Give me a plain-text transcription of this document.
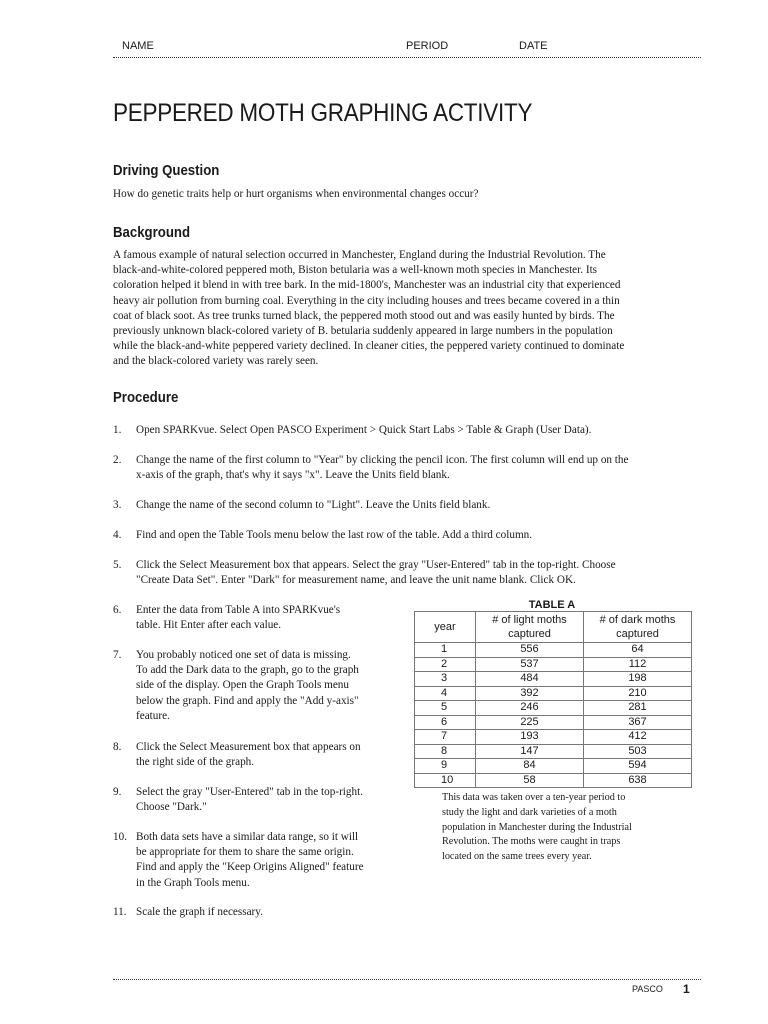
NAME	PERIOD	DATE
PEPPERED MOTH GRAPHING ACTIVITY
Driving Question
How do genetic traits help or hurt organisms when environmental changes occur?
Background
A famous example of natural selection occurred in Manchester, England during the Industrial Revolution. The
black-and-white-colored peppered moth, Biston betularia was a well-known moth species in Manchester. Its
coloration helped it blend in with tree bark. In the mid-1800's, Manchester was an industrial city that experienced
heavy air pollution from burning coal. Everything in the city including houses and trees became covered in a thin
coat of black soot. As tree trunks turned black, the peppered moth stood out and was easily hunted by birds. The
previously unknown black-colored variety of B. betularia suddenly appeared in large numbers in the population
while the black-and-white peppered variety declined. In cleaner cities, the peppered variety continued to dominate
and the black-colored variety was rarely seen.
Procedure
1. Open SPARKvue. Select Open PASCO Experiment > Quick Start Labs > Table & Graph (User Data).
2. Change the name of the first column to "Year" by clicking the pencil icon. The first column will end up on the
x-axis of the graph, that's why it says "x". Leave the Units field blank.
3. Change the name of the second column to "Light". Leave the Units field blank.
4. Find and open the Table Tools menu below the last row of the table. Add a third column.
5. Click the Select Measurement box that appears. Select the gray "User-Entered" tab in the top-right. Choose
"Create Data Set". Enter "Dark" for measurement name, and leave the unit name blank. Click OK.
6. Enter the data from Table A into SPARKvue's
table. Hit Enter after each value.
7. You probably noticed one set of data is missing.
To add the Dark data to the graph, go to the graph
side of the display. Open the Graph Tools menu
below the graph. Find and apply the "Add y-axis"
feature.
8. Click the Select Measurement box that appears on
the right side of the graph.
9. Select the gray "User-Entered" tab in the top-right.
Choose "Dark."
10. Both data sets have a similar data range, so it will
be appropriate for them to share the same origin.
Find and apply the "Keep Origins Aligned" feature
in the Graph Tools menu.
11. Scale the graph if necessary.
TABLE A
year	# of light moths captured	# of dark moths captured
1	556	64
2	537	112
3	484	198
4	392	210
5	246	281
6	225	367
7	193	412
8	147	503
9	84	594
10	58	638
This data was taken over a ten-year period to
study the light and dark varieties of a moth
population in Manchester during the Industrial
Revolution. The moths were caught in traps
located on the same trees every year.
PASCO 1
